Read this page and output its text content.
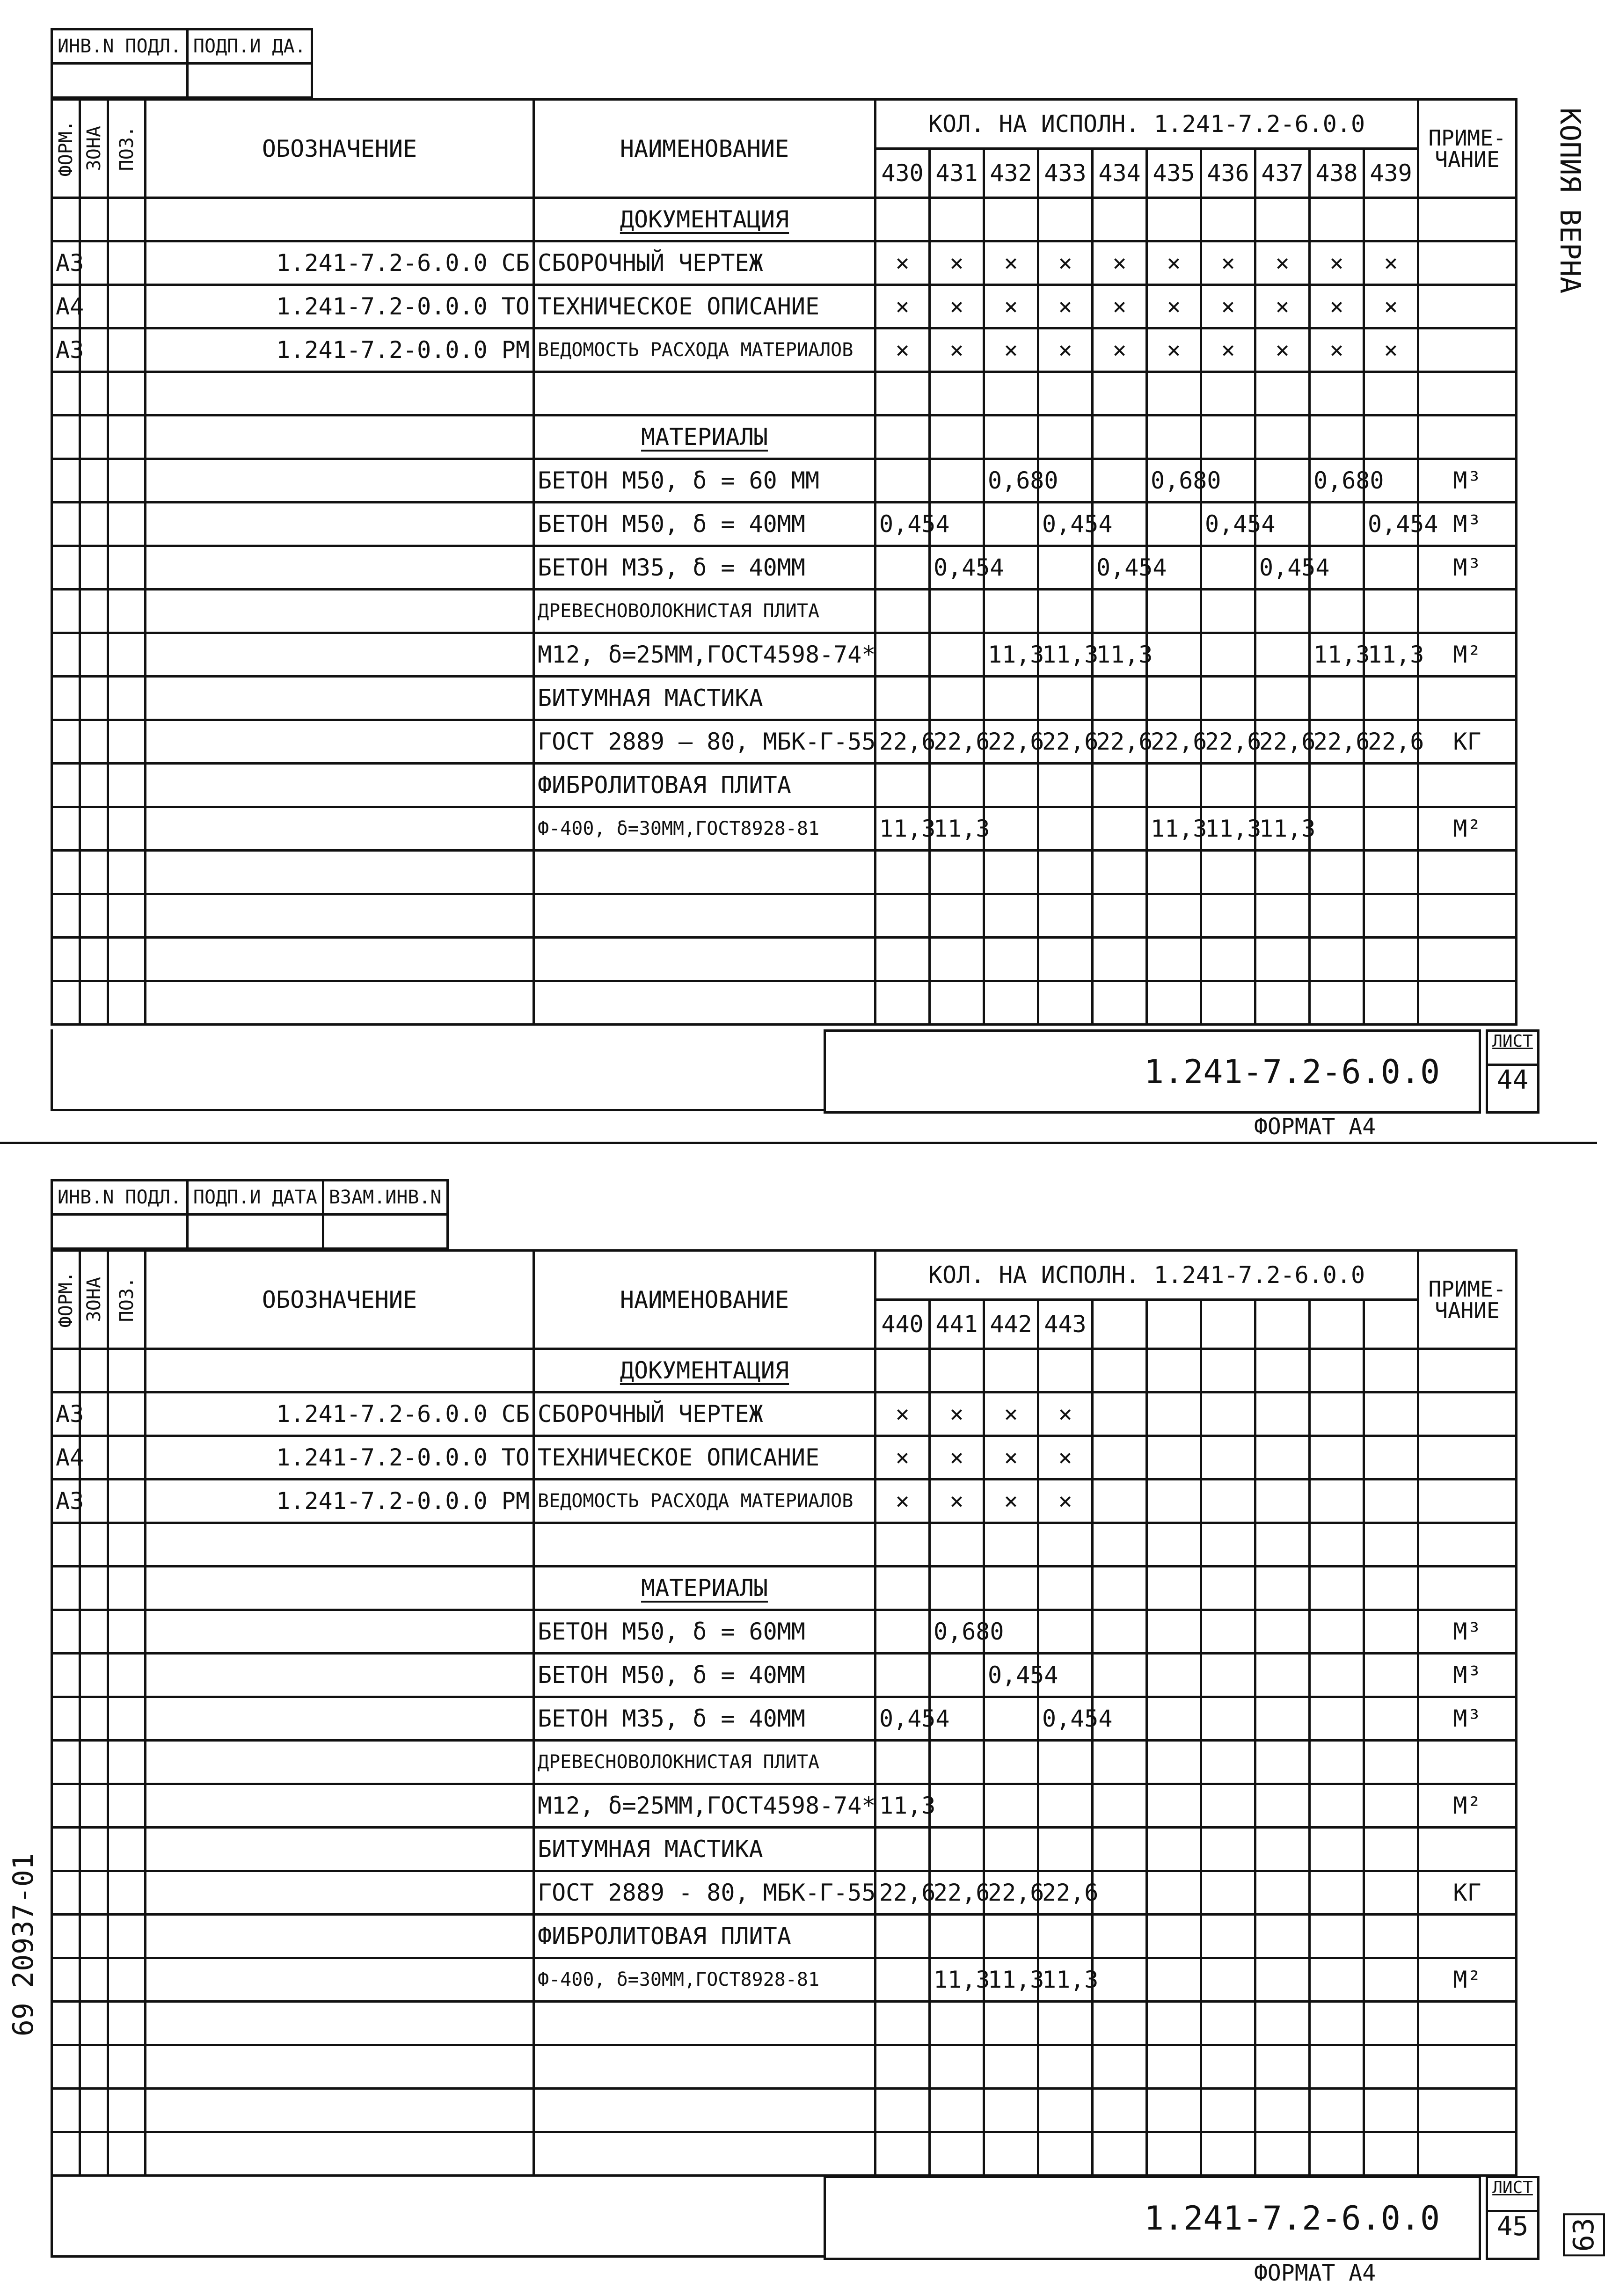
ИНВ.N ПОДЛ.	ПОДП.И ДА.

ФОРМ.	ЗОНА	ПОЗ.	ОБОЗНАЧЕНИЕ	НАИМЕНОВАНИЕ	КОЛ. НА ИСПОЛН. 1.241-7.2-6.0.0										ПРИМЕ-
ЧАНИЕ
					430	431	432	433	434	435	436	437	438	439	
				ДОКУМЕНТАЦИЯ											
А3			1.241-7.2-6.0.0 СБ	СБОРОЧНЫЙ ЧЕРТЕЖ	×	×	×	×	×	×	×	×	×	×	
А4			1.241-7.2-0.0.0 ТО	ТЕХНИЧЕСКОЕ ОПИСАНИЕ	×	×	×	×	×	×	×	×	×	×	
А3			1.241-7.2-0.0.0 РМ	ВЕДОМОСТЬ РАСХОДА МАТЕРИАЛОВ	×	×	×	×	×	×	×	×	×	×	

				МАТЕРИАЛЫ											
				БЕТОН М50, δ = 60 ММ			0,680			0,680			0,680		М³
				БЕТОН М50, δ = 40ММ	0,454			0,454			0,454			0,454	М³
				БЕТОН М35, δ = 40ММ		0,454			0,454			0,454			М³
				ДРЕВЕСНОВОЛОКНИСТАЯ ПЛИТА											
				М12, δ=25ММ,ГОСТ4598-74*			11,3	11,3	11,3				11,3	11,3	М²
				БИТУМНАЯ МАСТИКА											
				ГОСТ 2889 — 80, МБК-Г-55	22,6	22,6	22,6	22,6	22,6	22,6	22,6	22,6	22,6	22,6	КГ
				ФИБРОЛИТОВАЯ ПЛИТА											
				Ф-400, δ=30ММ,ГОСТ8928-81	11,3	11,3				11,3	11,3	11,3			М²

1.241-7.2-6.0.0
ЛИСТ
44
ФОРМАТ А4
ИНВ.N ПОДЛ.	ПОДП.И ДАТА	ВЗАМ.ИНВ.N

ФОРМ.	ЗОНА	ПОЗ.	ОБОЗНАЧЕНИЕ	НАИМЕНОВАНИЕ	КОЛ. НА ИСПОЛН. 1.241-7.2-6.0.0										ПРИМЕ-
ЧАНИЕ
					440	441	442	443							
				ДОКУМЕНТАЦИЯ											
А3			1.241-7.2-6.0.0 СБ	СБОРОЧНЫЙ ЧЕРТЕЖ	×	×	×	×							
А4			1.241-7.2-0.0.0 ТО	ТЕХНИЧЕСКОЕ ОПИСАНИЕ	×	×	×	×							
А3			1.241-7.2-0.0.0 РМ	ВЕДОМОСТЬ РАСХОДА МАТЕРИАЛОВ	×	×	×	×							

				МАТЕРИАЛЫ											
				БЕТОН М50, δ = 60ММ		0,680									М³
				БЕТОН М50, δ = 40ММ			0,454								М³
				БЕТОН М35, δ = 40ММ	0,454			0,454							М³
				ДРЕВЕСНОВОЛОКНИСТАЯ ПЛИТА											
				М12, δ=25ММ,ГОСТ4598-74*	11,3										М²
				БИТУМНАЯ МАСТИКА											
				ГОСТ 2889 - 80, МБК-Г-55	22,6	22,6	22,6	22,6							КГ
				ФИБРОЛИТОВАЯ ПЛИТА											
				Ф-400, δ=30ММ,ГОСТ8928-81		11,3	11,3	11,3							М²

1.241-7.2-6.0.0
ЛИСТ
45
ФОРМАТ А4
КОПИЯ ВЕРНА
20937-01
69
63
